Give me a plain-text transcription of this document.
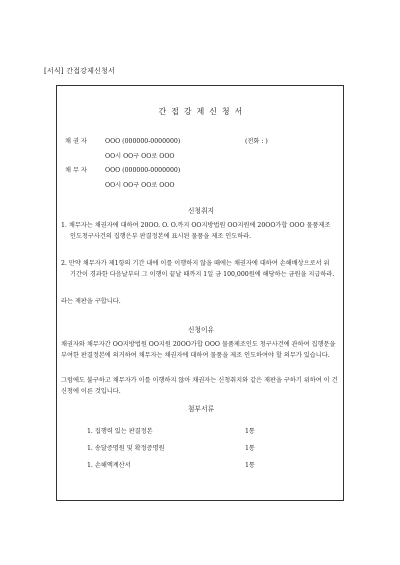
[서식] 간접강제신청서
간 접 강 제 신 청 서
채 권 자	OOO (000000-0000000)	(전화 : )
OO시 OO구 OO로 OOO
채 무 자	OOO (000000-0000000)
OO시 OO구 OO로 OOO
신청취지
1. 채무자는 채권자에 대하여 20OO. O. O.까지 OO지방법원 OO지원에 20OO가합 OOO 물품제조 인도청구사건의 집행은부 판결정본에 표시된 물품을 제조 인도하라.
2. 만약 채무자가 제1항의 기간 내에 이를 이행하지 않을 때에는 채권자에 대하여 손해배상으로서 위 기간이 경과한 다음날부터 그 이행이 끝날 때까지 1일 금 100,000원에 해당하는 금원을 지급하라.
라는 재판을 구합니다.
신청이유
채권자와 채무자간 OO지방법원 OO지원 20OO가합 OOO 물품제조인도 청구사건에 관하여 집행문을 부여한 판결정본에 의거하여 채무자는 채권자에 대하여 물품을 제조 인도하여야 할 의무가 있습니다.
그럼에도 불구하고 채무자가 이를 이행하지 않아 채권자는 신청취지와 같은 재판을 구하기 위하여 이 건 신청에 이른 것입니다.
첨부서류
1. 집행력 있는 판결정본	1통
1. 송달증명원 및 확정증명원	1통
1. 손해액계산서	1통
